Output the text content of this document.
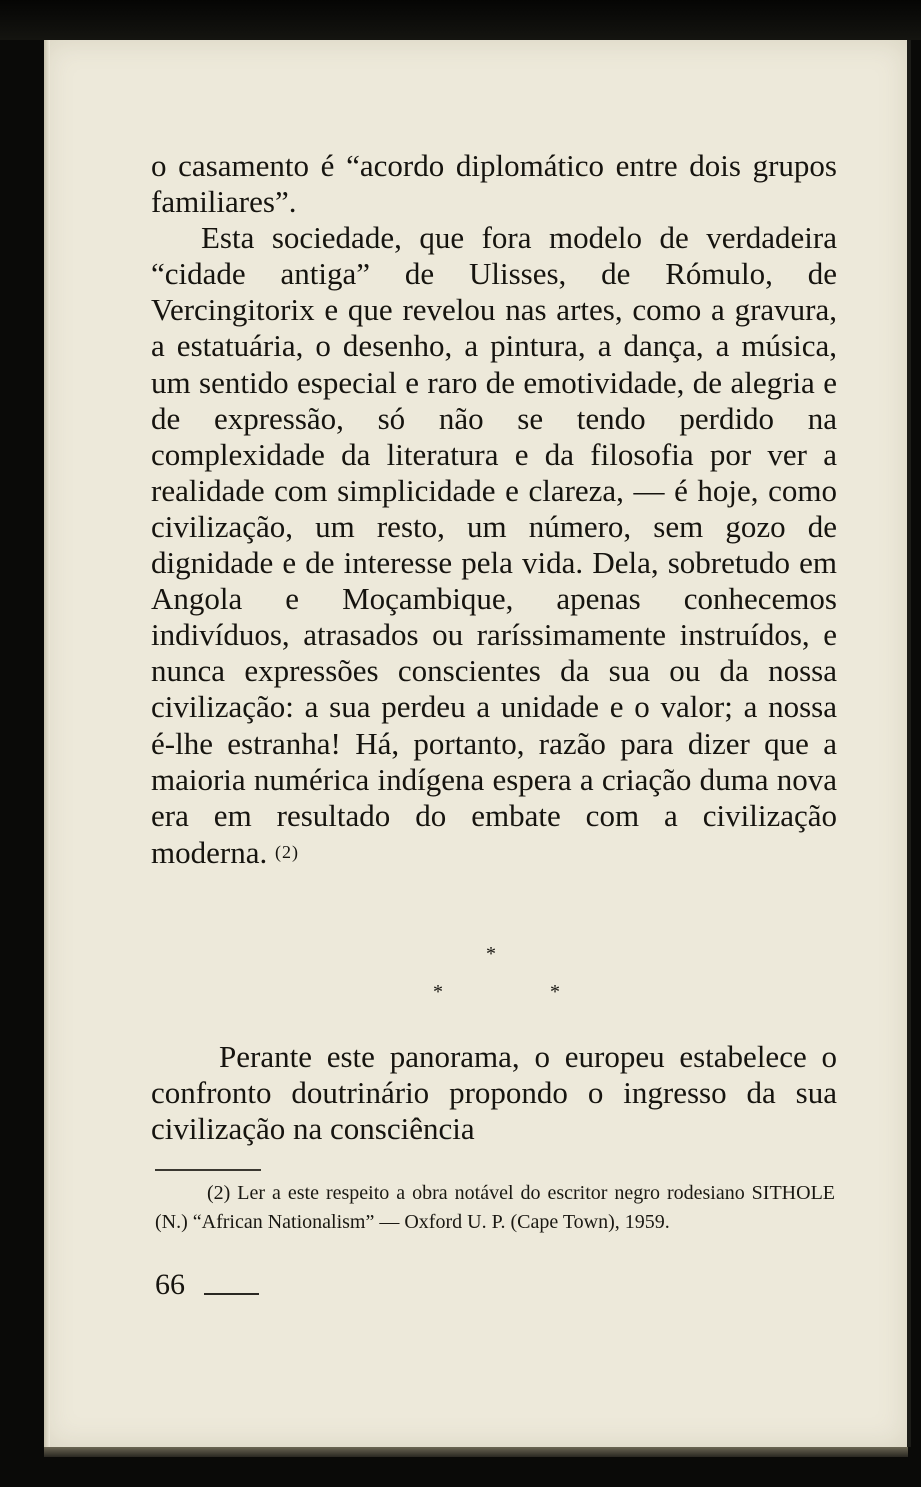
o casamento é “acordo diplomático entre dois grupos familiares”.

Esta sociedade, que fora modelo de verdadeira “cidade antiga” de Ulisses, de Rómulo, de Vercingitorix e que revelou nas artes, como a gravura, a estatuária, o desenho, a pintura, a dança, a música, um sentido especial e raro de emotividade, de alegria e de expressão, só não se tendo perdido na complexidade da literatura e da filosofia por ver a realidade com simplicidade e clareza, — é hoje, como civilização, um resto, um número, sem gozo de dignidade e de interesse pela vida. Dela, sobretudo em Angola e Moçambique, apenas conhecemos indivíduos, atrasados ou raríssimamente instruídos, e nunca expressões conscientes da sua ou da nossa civilização: a sua perdeu a unidade e o valor; a nossa é-lhe estranha! Há, portanto, razão para dizer que a maioria numérica indígena espera a criação duma nova era em resultado do embate com a civilização moderna. (2)

*
*	*

Perante este panorama, o europeu estabelece o confronto doutrinário propondo o ingresso da sua civilização na consciência

(2) Ler a este respeito a obra notável do escritor negro rodesiano SITHOLE (N.) “African Nationalism” — Oxford U. P. (Cape Town), 1959.

66
